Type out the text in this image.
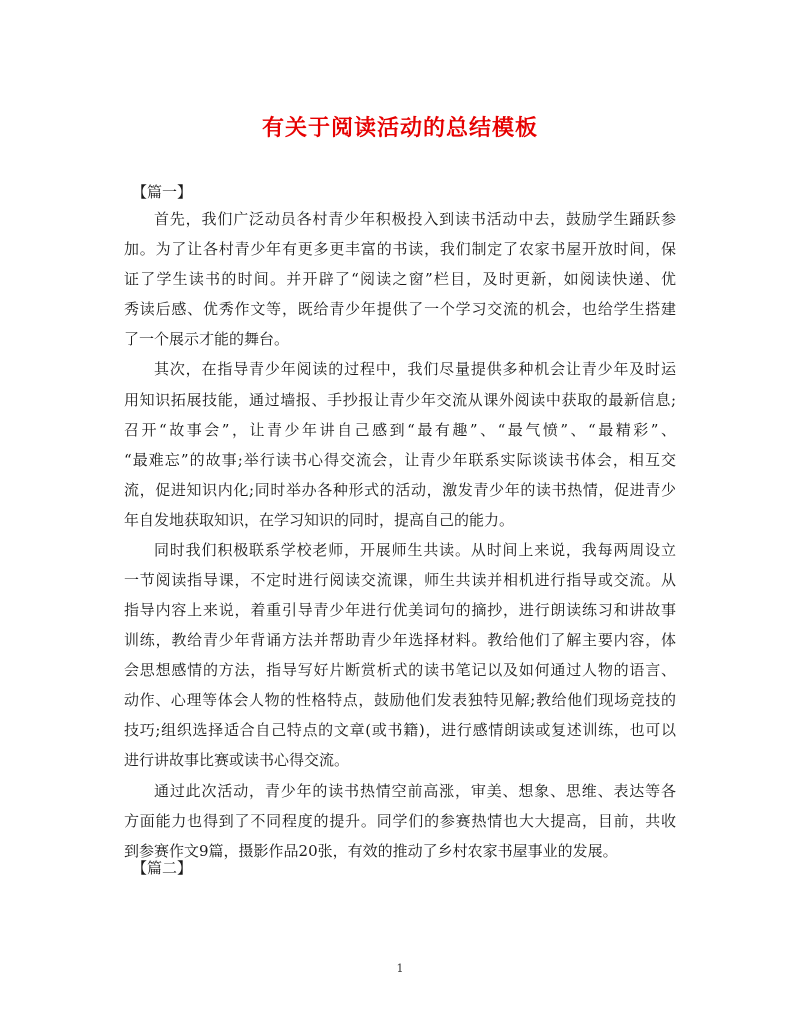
有关于阅读活动的总结模板
【篇一】
首先，我们广泛动员各村青少年积极投入到读书活动中去，鼓励学生踊跃参
加。为了让各村青少年有更多更丰富的书读，我们制定了农家书屋开放时间，保
证了学生读书的时间。并开辟了“阅读之窗”栏目，及时更新，如阅读快递、优
秀读后感、优秀作文等，既给青少年提供了一个学习交流的机会，也给学生搭建
了一个展示才能的舞台。
其次，在指导青少年阅读的过程中，我们尽量提供多种机会让青少年及时运
用知识拓展技能，通过墙报、手抄报让青少年交流从课外阅读中获取的最新信息;
召开“故事会”，让青少年讲自己感到“最有趣”、“最气愤”、“最精彩”、
“最难忘”的故事;举行读书心得交流会，让青少年联系实际谈读书体会，相互交
流，促进知识内化;同时举办各种形式的活动，激发青少年的读书热情，促进青少
年自发地获取知识，在学习知识的同时，提高自己的能力。
同时我们积极联系学校老师，开展师生共读。从时间上来说，我每两周设立
一节阅读指导课，不定时进行阅读交流课，师生共读并相机进行指导或交流。从
指导内容上来说，着重引导青少年进行优美词句的摘抄，进行朗读练习和讲故事
训练，教给青少年背诵方法并帮助青少年选择材料。教给他们了解主要内容，体
会思想感情的方法，指导写好片断赏析式的读书笔记以及如何通过人物的语言、
动作、心理等体会人物的性格特点，鼓励他们发表独特见解;教给他们现场竞技的
技巧;组织选择适合自己特点的文章(或书籍)，进行感情朗读或复述训练，也可以
进行讲故事比赛或读书心得交流。
通过此次活动，青少年的读书热情空前高涨，审美、想象、思维、表达等各
方面能力也得到了不同程度的提升。同学们的参赛热情也大大提高，目前，共收
到参赛作文9篇，摄影作品20张，有效的推动了乡村农家书屋事业的发展。
【篇二】
1
